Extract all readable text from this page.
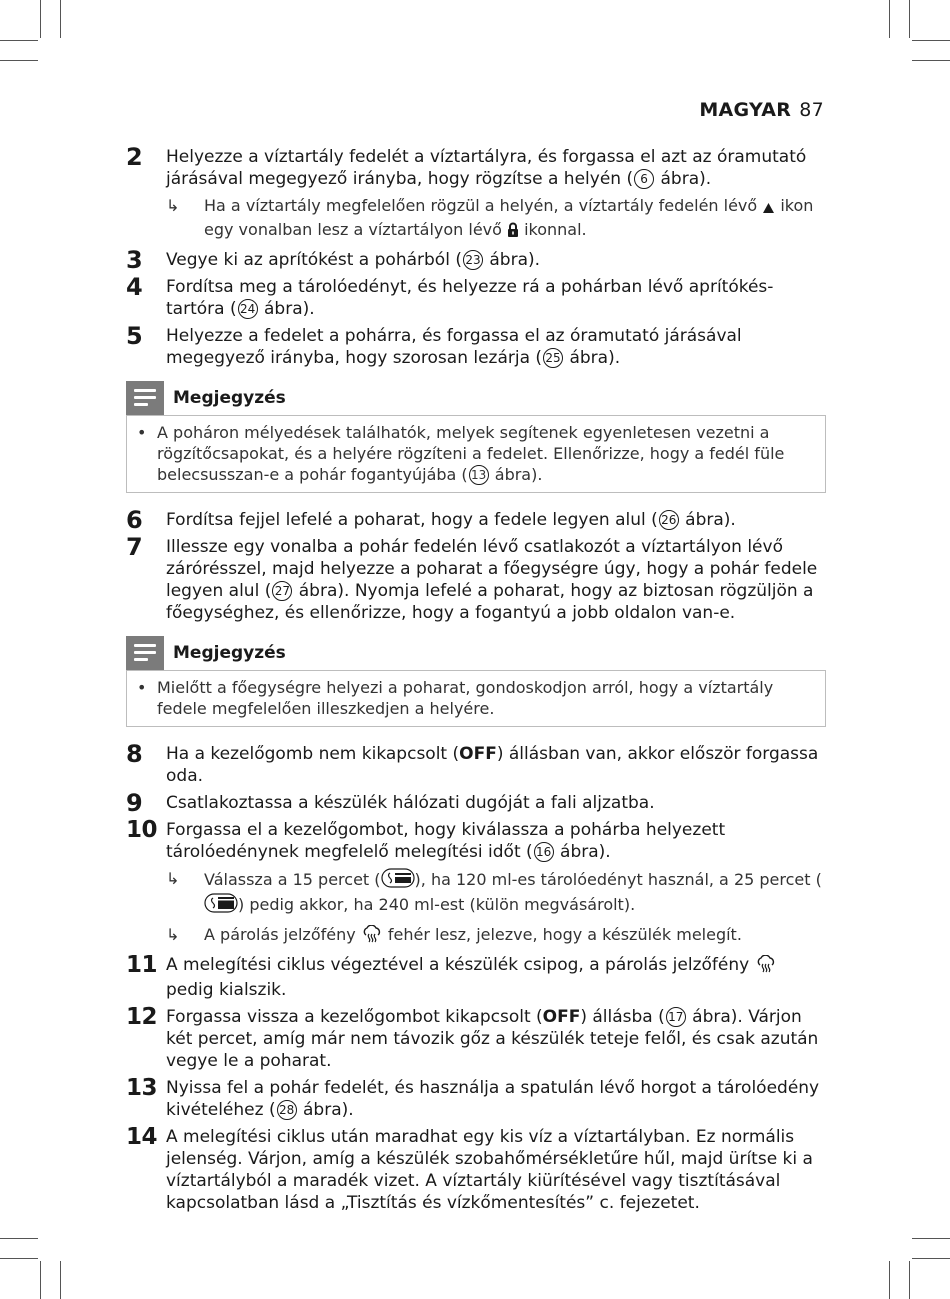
MAGYAR 87
2 Helyezze a víztartály fedelét a víztartályra, és forgassa el azt az óramutató járásával megegyező irányba, hogy rögzítse a helyén ( 6 ábra).
↳ Ha a víztartály megfelelően rögzül a helyén, a víztartály fedelén lévő  ikon egy vonalban lesz a víztartályon lévő  ikonnal.
3 Vegye ki az aprítókést a pohárból ( 23 ábra).
4 Fordítsa meg a tárolóedényt, és helyezze rá a pohárban lévő aprítókés-tartóra ( 24 ábra).
5 Helyezze a fedelet a pohárra, és forgassa el az óramutató járásával megegyező irányba, hogy szorosan lezárja ( 25 ábra).
Megjegyzés
• A poháron mélyedések találhatók, melyek segítenek egyenletesen vezetni a rögzítőcsapokat, és a helyére rögzíteni a fedelet. Ellenőrizze, hogy a fedél füle belecsusszan-e a pohár fogantyújába ( 13 ábra).
6 Fordítsa fejjel lefelé a poharat, hogy a fedele legyen alul ( 26 ábra).
7 Illessze egy vonalba a pohár fedelén lévő csatlakozót a víztartályon lévő zárórésszel, majd helyezze a poharat a főegységre úgy, hogy a pohár fedele legyen alul ( 27 ábra). Nyomja lefelé a poharat, hogy az biztosan rögzüljön a főegységhez, és ellenőrizze, hogy a fogantyú a jobb oldalon van-e.
Megjegyzés
• Mielőtt a főegységre helyezi a poharat, gondoskodjon arról, hogy a víztartály fedele megfelelően illeszkedjen a helyére.
8 Ha a kezelőgomb nem kikapcsolt (OFF) állásban van, akkor először forgassa oda.
9 Csatlakoztassa a készülék hálózati dugóját a fali aljzatba.
10 Forgassa el a kezelőgombot, hogy kiválassza a pohárba helyezett tárolóedénynek megfelelő melegítési időt ( 16 ábra).
↳ Válassza a 15 percet ( ), ha 120 ml-es tárolóedényt használ, a 25 percet () pedig akkor, ha 240 ml-est (külön megvásárolt).
↳ A párolás jelzőfény  fehér lesz, jelezve, hogy a készülék melegít.
11 A melegítési ciklus végeztével a készülék csipog, a párolás jelzőfény  pedig kialszik.
12 Forgassa vissza a kezelőgombot kikapcsolt (OFF) állásba ( 17 ábra). Várjon két percet, amíg már nem távozik gőz a készülék teteje felől, és csak azután vegye le a poharat.
13 Nyissa fel a pohár fedelét, és használja a spatulán lévő horgot a tárolóedény kivételéhez ( 28 ábra).
14 A melegítési ciklus után maradhat egy kis víz a víztartályban. Ez normális jelenség. Várjon, amíg a készülék szobahőmérsékletűre hűl, majd ürítse ki a víztartályból a maradék vizet. A víztartály kiürítésével vagy tisztításával kapcsolatban lásd a „Tisztítás és vízkőmentesítés” c. fejezetet.
